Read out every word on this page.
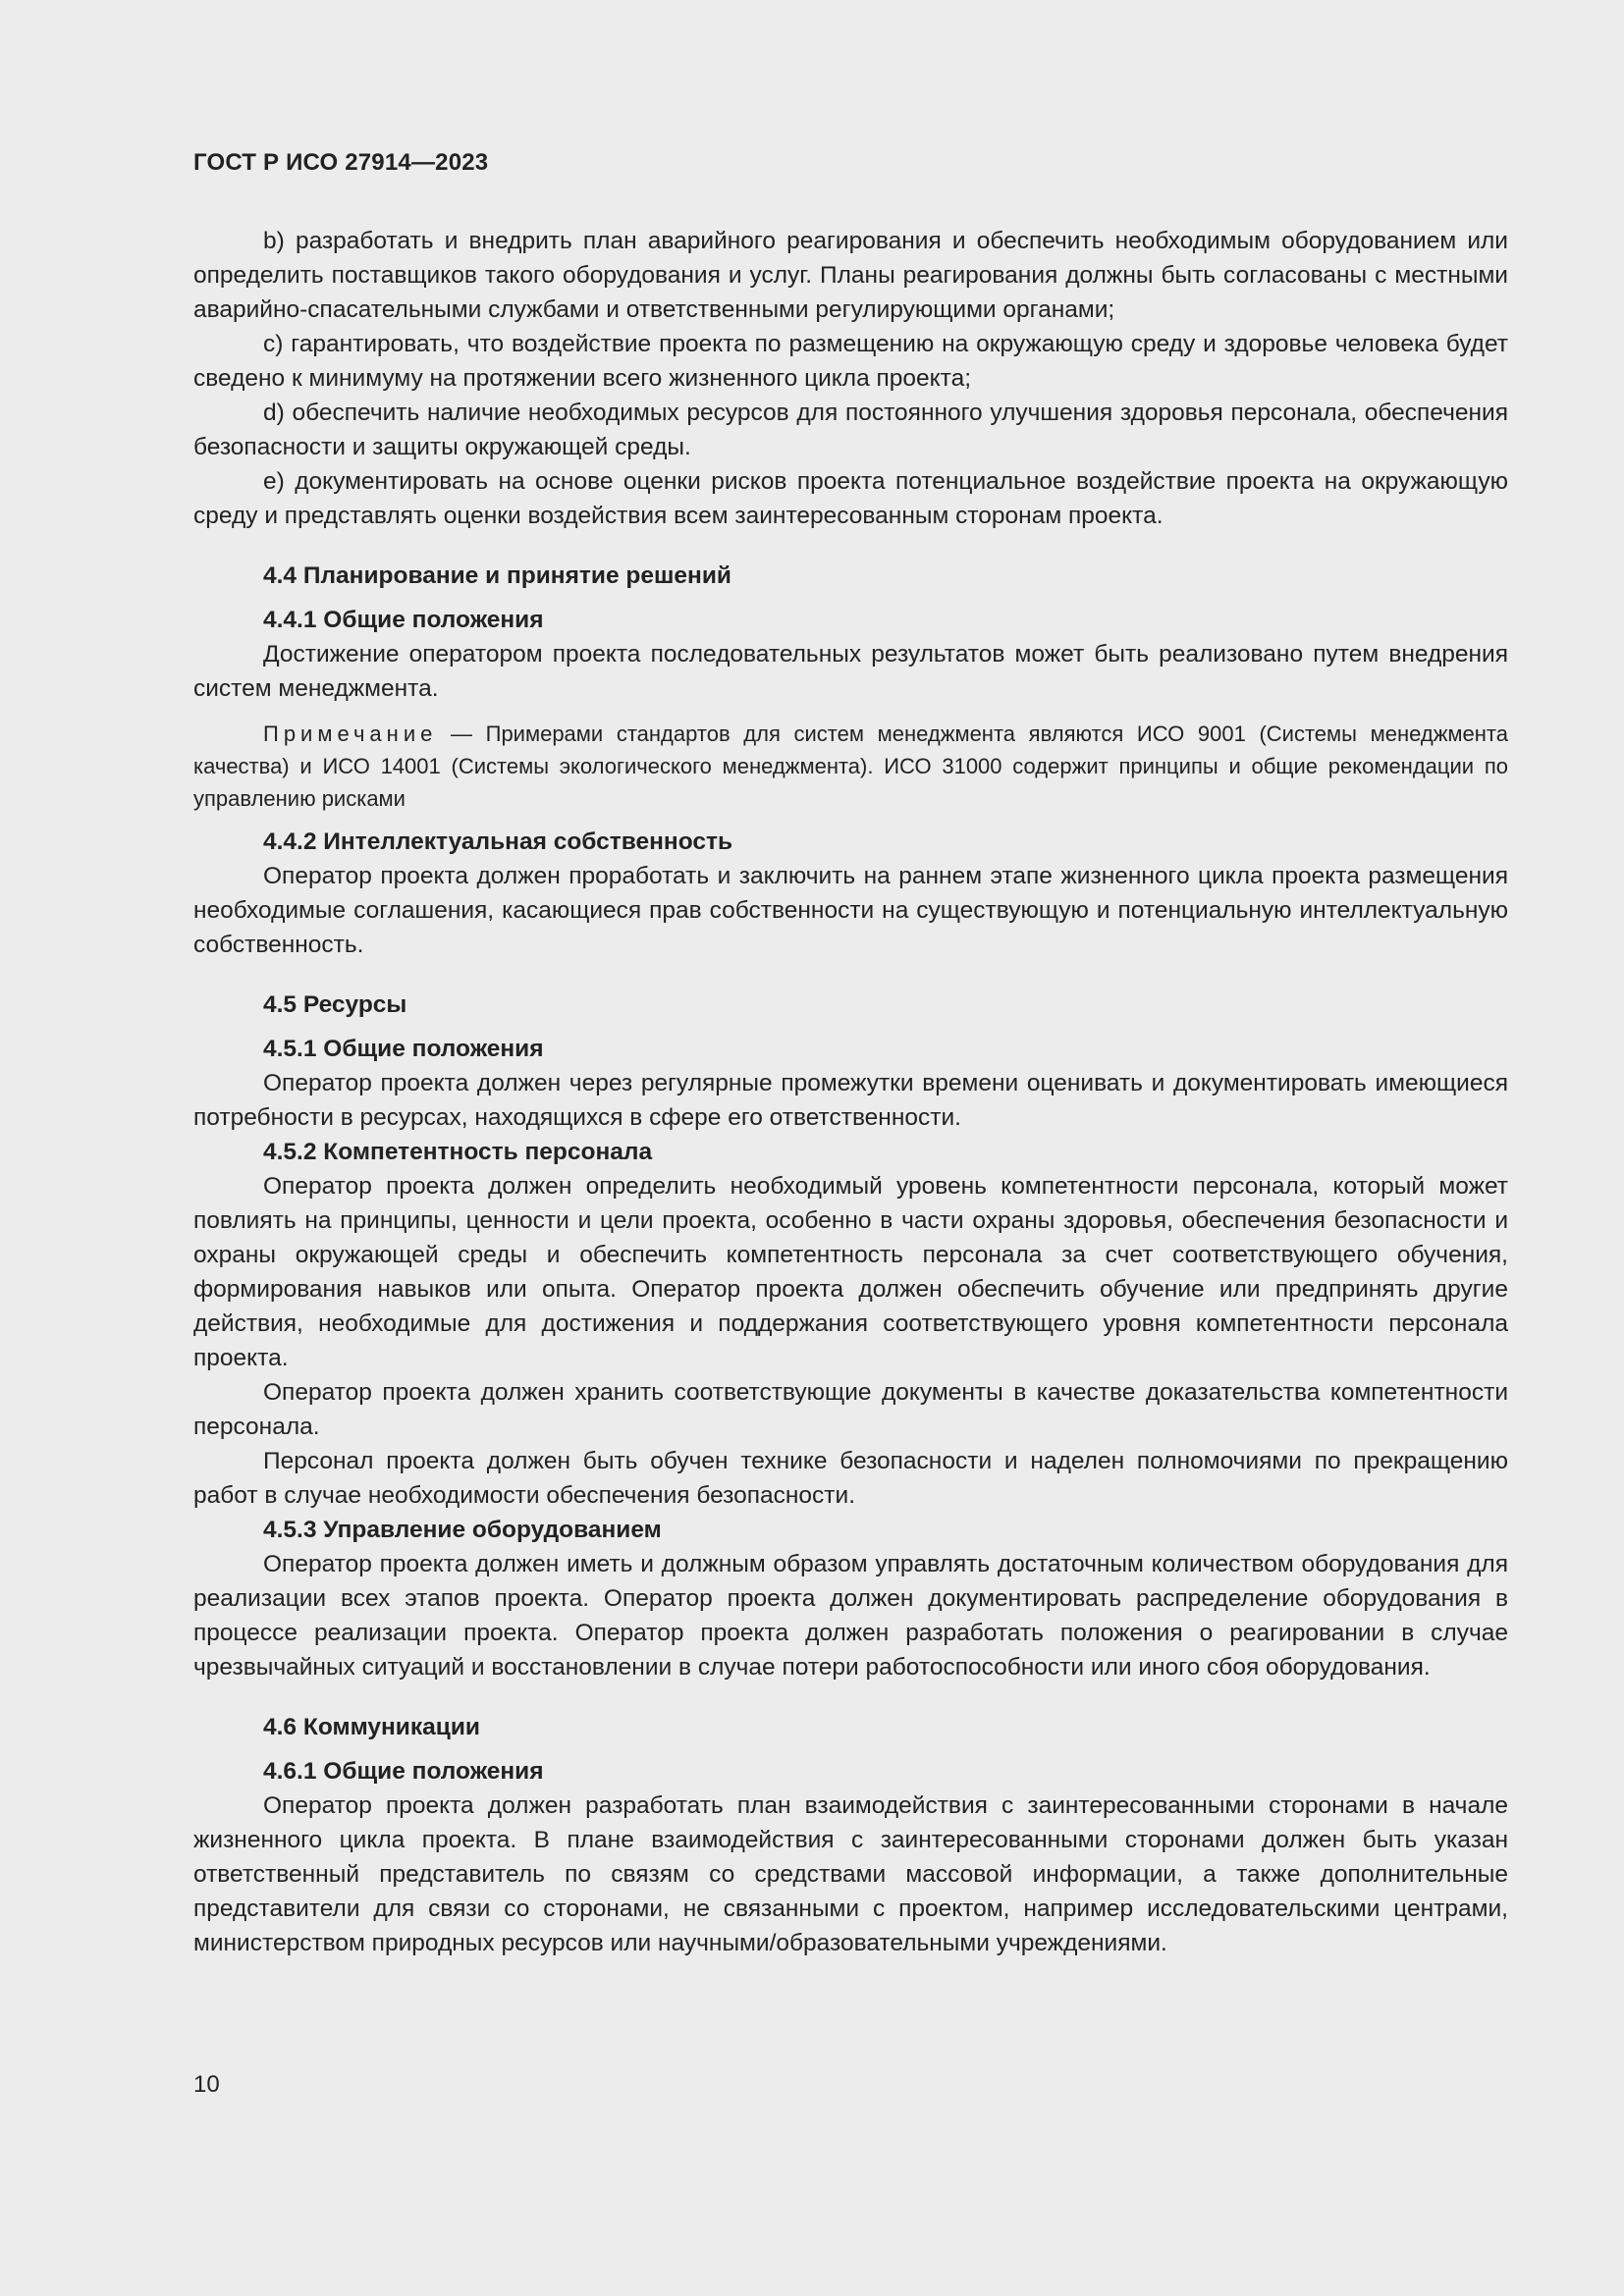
ГОСТ Р ИСО 27914—2023

b) разработать и внедрить план аварийного реагирования и обеспечить необходимым оборудованием или определить поставщиков такого оборудования и услуг. Планы реагирования должны быть согласованы с местными аварийно-спасательными службами и ответственными регулирующими органами;

c) гарантировать, что воздействие проекта по размещению на окружающую среду и здоровье человека будет сведено к минимуму на протяжении всего жизненного цикла проекта;

d) обеспечить наличие необходимых ресурсов для постоянного улучшения здоровья персонала, обеспечения безопасности и защиты окружающей среды.

e) документировать на основе оценки рисков проекта потенциальное воздействие проекта на окружающую среду и представлять оценки воздействия всем заинтересованным сторонам проекта.

4.4 Планирование и принятие решений
4.4.1 Общие положения

Достижение оператором проекта последовательных результатов может быть реализовано путем внедрения систем менеджмента.

Примечание — Примерами стандартов для систем менеджмента являются ИСО 9001 (Системы менеджмента качества) и ИСО 14001 (Системы экологического менеджмента). ИСО 31000 содержит принципы и общие рекомендации по управлению рисками

4.4.2 Интеллектуальная собственность

Оператор проекта должен проработать и заключить на раннем этапе жизненного цикла проекта размещения необходимые соглашения, касающиеся прав собственности на существующую и потенциальную интеллектуальную собственность.

4.5 Ресурсы
4.5.1 Общие положения

Оператор проекта должен через регулярные промежутки времени оценивать и документировать имеющиеся потребности в ресурсах, находящихся в сфере его ответственности.

4.5.2 Компетентность персонала

Оператор проекта должен определить необходимый уровень компетентности персонала, который может повлиять на принципы, ценности и цели проекта, особенно в части охраны здоровья, обеспечения безопасности и охраны окружающей среды и обеспечить компетентность персонала за счет соответствующего обучения, формирования навыков или опыта. Оператор проекта должен обеспечить обучение или предпринять другие действия, необходимые для достижения и поддержания соответствующего уровня компетентности персонала проекта.

Оператор проекта должен хранить соответствующие документы в качестве доказательства компетентности персонала.

Персонал проекта должен быть обучен технике безопасности и наделен полномочиями по прекращению работ в случае необходимости обеспечения безопасности.

4.5.3 Управление оборудованием

Оператор проекта должен иметь и должным образом управлять достаточным количеством оборудования для реализации всех этапов проекта. Оператор проекта должен документировать распределение оборудования в процессе реализации проекта. Оператор проекта должен разработать положения о реагировании в случае чрезвычайных ситуаций и восстановлении в случае потери работоспособности или иного сбоя оборудования.

4.6 Коммуникации
4.6.1 Общие положения

Оператор проекта должен разработать план взаимодействия с заинтересованными сторонами в начале жизненного цикла проекта. В плане взаимодействия с заинтересованными сторонами должен быть указан ответственный представитель по связям со средствами массовой информации, а также дополнительные представители для связи со сторонами, не связанными с проектом, например исследовательскими центрами, министерством природных ресурсов или научными/образовательными учреждениями.

10
